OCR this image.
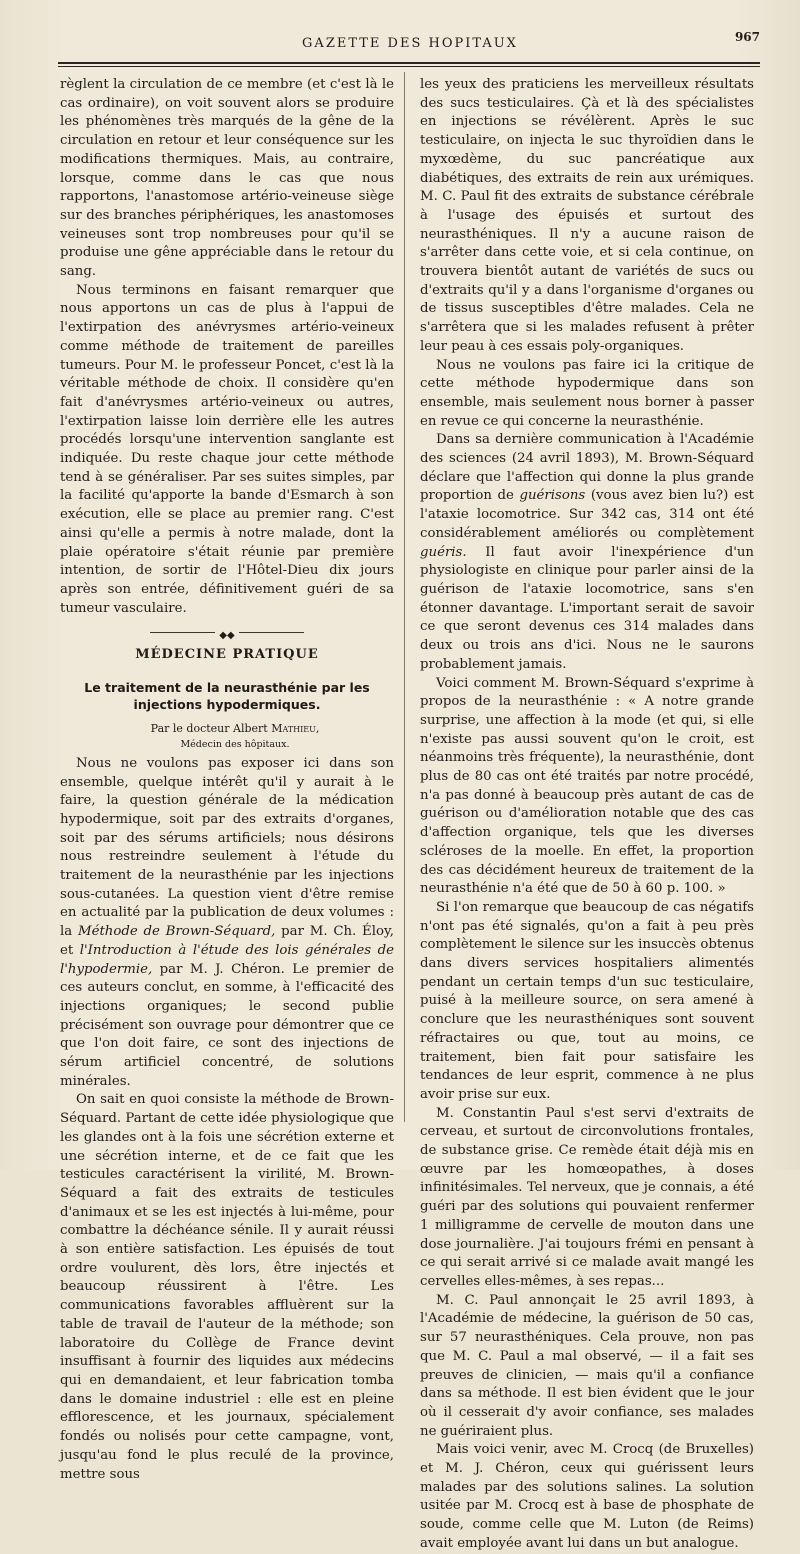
GAZETTE DES HOPITAUX	967

règlent la circulation de ce membre (et c'est là le cas ordinaire), on voit souvent alors se produire les phénomènes très marqués de la gêne de la circulation en retour et leur conséquence sur les modifications thermiques. Mais, au contraire, lorsque, comme dans le cas que nous rapportons, l'anastomose artério-veineuse siège sur des branches périphériques, les anastomoses veineuses sont trop nombreuses pour qu'il se produise une gêne appréciable dans le retour du sang.

Nous terminons en faisant remarquer que nous apportons un cas de plus à l'appui de l'extirpation des anévrysmes artério-veineux comme méthode de traitement de pareilles tumeurs. Pour M. le professeur Poncet, c'est là la véritable méthode de choix. Il considère qu'en fait d'anévrysmes artério-veineux ou autres, l'extirpation laisse loin derrière elle les autres procédés lorsqu'une intervention sanglante est indiquée. Du reste chaque jour cette méthode tend à se généraliser. Par ses suites simples, par la facilité qu'apporte la bande d'Esmarch à son exécution, elle se place au premier rang. C'est ainsi qu'elle a permis à notre malade, dont la plaie opératoire s'était réunie par première intention, de sortir de l'Hôtel-Dieu dix jours après son entrée, définitivement guéri de sa tumeur vasculaire.

◆◆
MÉDECINE PRATIQUE
Le traitement de la neurasthénie par les injections hypodermiques.

Par le docteur Albert Mathieu,

Médecin des hôpitaux.

Nous ne voulons pas exposer ici dans son ensemble, quelque intérêt qu'il y aurait à le faire, la question générale de la médication hypodermique, soit par des extraits d'organes, soit par des sérums artificiels; nous désirons nous restreindre seulement à l'étude du traitement de la neurasthénie par les injections sous-cutanées. La question vient d'être remise en actualité par la publication de deux volumes : la Méthode de Brown-Séquard, par M. Ch. Éloy, et l'Introduction à l'étude des lois générales de l'hypodermie, par M. J. Chéron. Le premier de ces auteurs conclut, en somme, à l'efficacité des injections organiques; le second publie précisément son ouvrage pour démontrer que ce que l'on doit faire, ce sont des injections de sérum artificiel concentré, de solutions minérales.

On sait en quoi consiste la méthode de Brown-Séquard. Partant de cette idée physiologique que les glandes ont à la fois une sécrétion externe et une sécrétion interne, et de ce fait que les testicules caractérisent la virilité, M. Brown-Séquard a fait des extraits de testicules d'animaux et se les est injectés à lui-même, pour combattre la déchéance sénile. Il y aurait réussi à son entière satisfaction. Les épuisés de tout ordre voulurent, dès lors, être injectés et beaucoup réussirent à l'être. Les communications favorables affluèrent sur la table de travail de l'auteur de la méthode; son laboratoire du Collège de France devint insuffisant à fournir des liquides aux médecins qui en demandaient, et leur fabrication tomba dans le domaine industriel : elle est en pleine efflorescence, et les journaux, spécialement fondés ou nolisés pour cette campagne, vont, jusqu'au fond le plus reculé de la province, mettre sous

les yeux des praticiens les merveilleux résultats des sucs testiculaires. Çà et là des spécialistes en injections se révélèrent. Après le suc testiculaire, on injecta le suc thyroïdien dans le myxœdème, du suc pancréatique aux diabétiques, des extraits de rein aux urémiques. M. C. Paul fit des extraits de substance cérébrale à l'usage des épuisés et surtout des neurasthéniques. Il n'y a aucune raison de s'arrêter dans cette voie, et si cela continue, on trouvera bientôt autant de variétés de sucs ou d'extraits qu'il y a dans l'organisme d'organes ou de tissus susceptibles d'être malades. Cela ne s'arrêtera que si les malades refusent à prêter leur peau à ces essais poly-organiques.

Nous ne voulons pas faire ici la critique de cette méthode hypodermique dans son ensemble, mais seulement nous borner à passer en revue ce qui concerne la neurasthénie.

Dans sa dernière communication à l'Académie des sciences (24 avril 1893), M. Brown-Séquard déclare que l'affection qui donne la plus grande proportion de guérisons (vous avez bien lu?) est l'ataxie locomotrice. Sur 342 cas, 314 ont été considérablement améliorés ou complètement guéris. Il faut avoir l'inexpérience d'un physiologiste en clinique pour parler ainsi de la guérison de l'ataxie locomotrice, sans s'en étonner davantage. L'important serait de savoir ce que seront devenus ces 314 malades dans deux ou trois ans d'ici. Nous ne le saurons probablement jamais.

Voici comment M. Brown-Séquard s'exprime à propos de la neurasthénie : « A notre grande surprise, une affection à la mode (et qui, si elle n'existe pas aussi souvent qu'on le croit, est néanmoins très fréquente), la neurasthénie, dont plus de 80 cas ont été traités par notre procédé, n'a pas donné à beaucoup près autant de cas de guérison ou d'amélioration notable que des cas d'affection organique, tels que les diverses scléroses de la moelle. En effet, la proportion des cas décidément heureux de traitement de la neurasthénie n'a été que de 50 à 60 p. 100. »

Si l'on remarque que beaucoup de cas négatifs n'ont pas été signalés, qu'on a fait à peu près complètement le silence sur les insuccès obtenus dans divers services hospitaliers alimentés pendant un certain temps d'un suc testiculaire, puisé à la meilleure source, on sera amené à conclure que les neurasthéniques sont souvent réfractaires ou que, tout au moins, ce traitement, bien fait pour satisfaire les tendances de leur esprit, commence à ne plus avoir prise sur eux.

M. Constantin Paul s'est servi d'extraits de cerveau, et surtout de circonvolutions frontales, de substance grise. Ce remède était déjà mis en œuvre par les homœopathes, à doses infinitésimales. Tel nerveux, que je connais, a été guéri par des solutions qui pouvaient renfermer 1 milligramme de cervelle de mouton dans une dose journalière. J'ai toujours frémi en pensant à ce qui serait arrivé si ce malade avait mangé les cervelles elles-mêmes, à ses repas...

M. C. Paul annonçait le 25 avril 1893, à l'Académie de médecine, la guérison de 50 cas, sur 57 neurasthéniques. Cela prouve, non pas que M. C. Paul a mal observé, — il a fait ses preuves de clinicien, — mais qu'il a confiance dans sa méthode. Il est bien évident que le jour où il cesserait d'y avoir confiance, ses malades ne guériraient plus.

Mais voici venir, avec M. Crocq (de Bruxelles) et M. J. Chéron, ceux qui guérissent leurs malades par des solutions salines. La solution usitée par M. Crocq est à base de phosphate de soude, comme celle que M. Luton (de Reims) avait employée avant lui dans un but analogue.
